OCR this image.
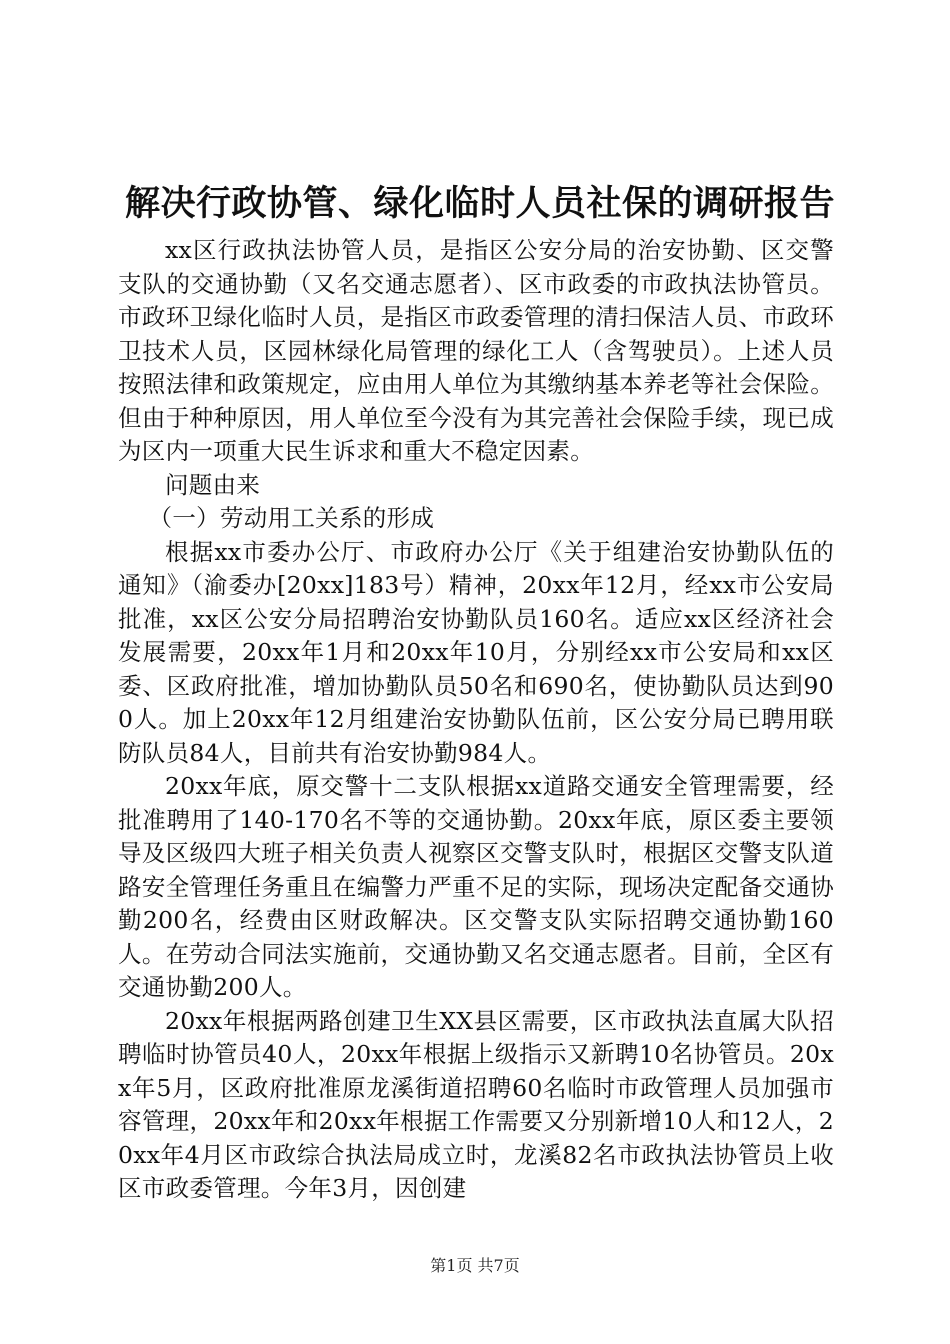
解决行政协管、绿化临时人员社保的调研报告

xx区行政执法协管人员，是指区公安分局的治安协勤、区交警支队的交通协勤（又名交通志愿者）、区市政委的市政执法协管员。市政环卫绿化临时人员，是指区市政委管理的清扫保洁人员、市政环卫技术人员，区园林绿化局管理的绿化工人（含驾驶员）。上述人员按照法律和政策规定，应由用人单位为其缴纳基本养老等社会保险。但由于种种原因，用人单位至今没有为其完善社会保险手续，现已成为区内一项重大民生诉求和重大不稳定因素。

问题由来

（一）劳动用工关系的形成

根据xx市委办公厅、市政府办公厅《关于组建治安协勤队伍的通知》（渝委办[20xx]183号）精神，20xx年12月，经xx市公安局批准，xx区公安分局招聘治安协勤队员160名。适应xx区经济社会发展需要，20xx年1月和20xx年10月，分别经xx市公安局和xx区委、区政府批准，增加协勤队员50名和690名，使协勤队员达到900人。加上20xx年12月组建治安协勤队伍前，区公安分局已聘用联防队员84人，目前共有治安协勤984人。

20xx年底，原交警十二支队根据xx道路交通安全管理需要，经批准聘用了140-170名不等的交通协勤。20xx年底，原区委主要领导及区级四大班子相关负责人视察区交警支队时，根据区交警支队道路安全管理任务重且在编警力严重不足的实际，现场决定配备交通协勤200名，经费由区财政解决。区交警支队实际招聘交通协勤160人。在劳动合同法实施前，交通协勤又名交通志愿者。目前，全区有交通协勤200人。

20xx年根据两路创建卫生XX县区需要，区市政执法直属大队招聘临时协管员40人，20xx年根据上级指示又新聘10名协管员。20xx年5月，区政府批准原龙溪街道招聘60名临时市政管理人员加强市容管理，20xx年和20xx年根据工作需要又分别新增10人和12人，20xx年4月区市政综合执法局成立时，龙溪82名市政执法协管员上收区市政委管理。今年3月，因创建

第1页 共7页
